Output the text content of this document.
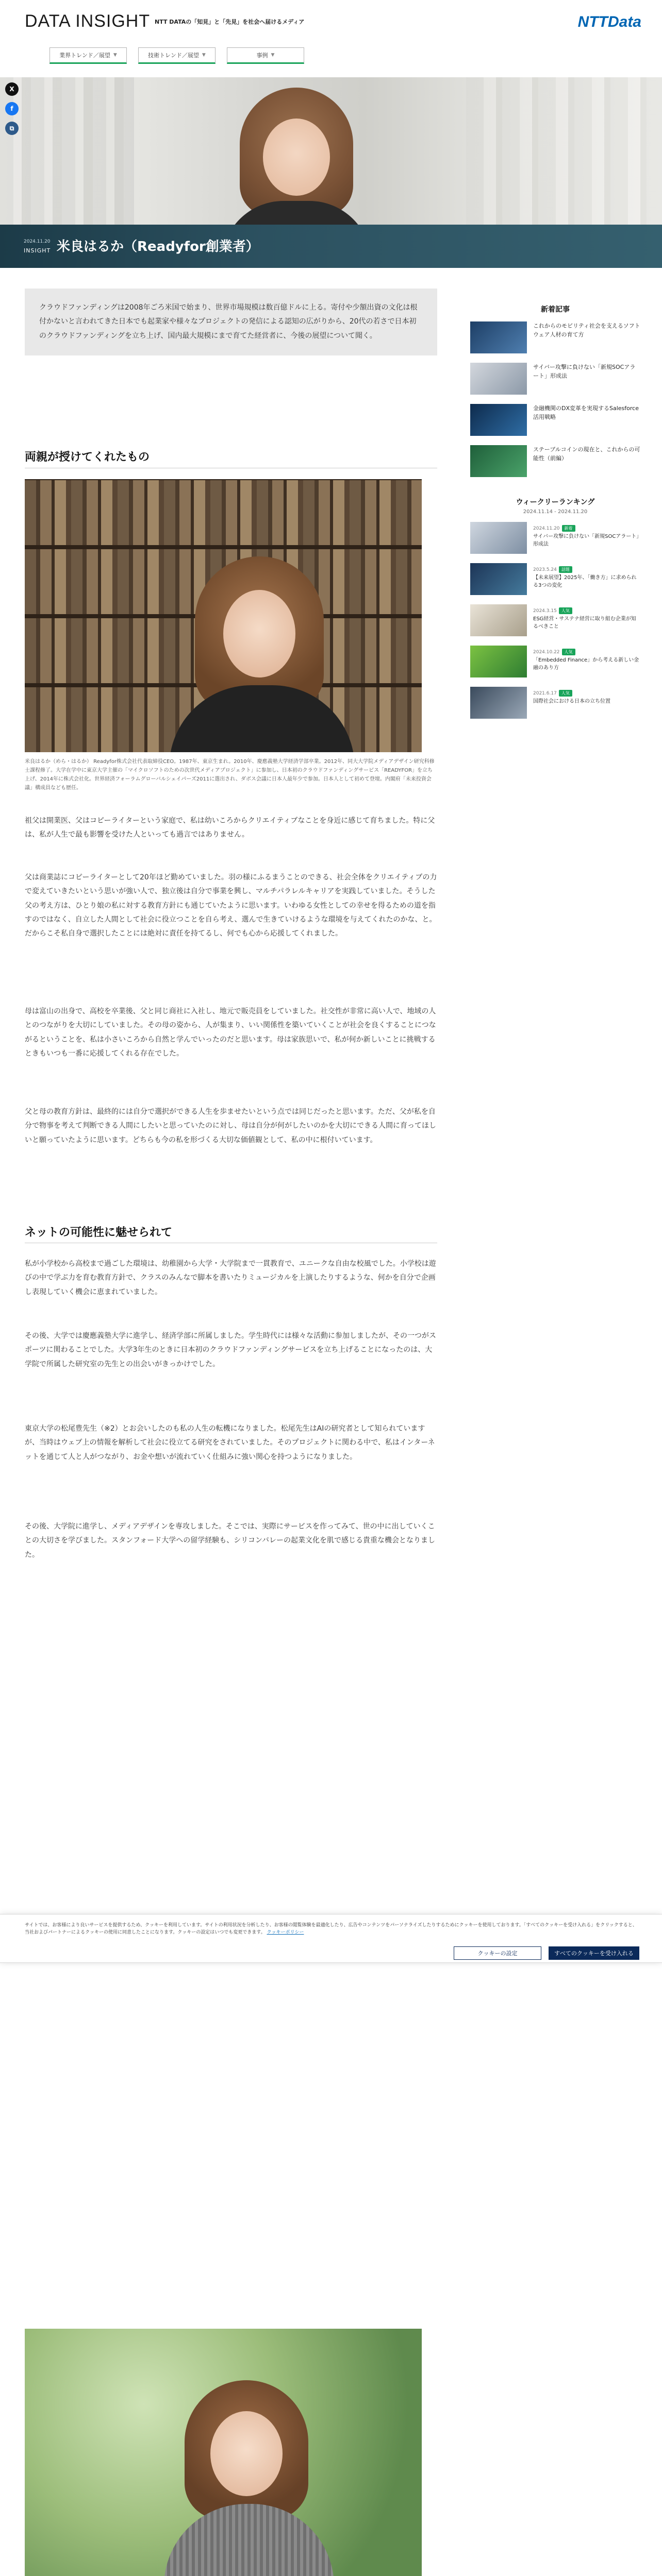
DATA INSIGHT NTT DATAの「知見」と「先見」を社会へ届けるメディア	NTTData
業界トレンド／展望 ▼	技術トレンド／展望 ▼	事例 ▼
X
f
⧉
2024.11.20
INSIGHT 米良はるか（Readyfor創業者）
クラウドファンディングは2008年ごろ米国で始まり、世界市場規模は数百億ドルに上る。寄付や少額出資の文化は根付かないと言われてきた日本でも起業家や様々なプロジェクトの発信による認知の広がりから、20代の若さで日本初のクラウドファンディングを立ち上げ、国内最大規模にまで育てた経営者に、今後の展望について聞く。
両親が授けてくれたもの
米良はるか（めら・はるか） Readyfor株式会社代表取締役CEO。1987年、東京生まれ。2010年、慶應義塾大学経済学部卒業。2012年、同大大学院メディアデザイン研究科修士課程修了。大学在学中に東京大学主催の「マイクロソフトのための次世代メディアプロジェクト」に参加し、日本初のクラウドファンディングサービス「READYFOR」を立ち上げ、2014年に株式会社化。世界経済フォーラムグローバルシェイパーズ2011に選出され、ダボス会議に日本人最年少で参加。日本人として初めて登壇。内閣府「未来投資会議」構成員なども歴任。
祖父は開業医、父はコピーライターという家庭で、私は幼いころからクリエイティブなことを身近に感じて育ちました。特に父は、私が人生で最も影響を受けた人といっても過言ではありません。
父は商業誌にコピーライターとして20年ほど勤めていました。羽の様にふるまうことのできる、社会全体をクリエイティブの力で変えていきたいという思いが強い人で、独立後は自分で事業を興し、マルチパラレルキャリアを実践していました。そうした父の考え方は、ひとり娘の私に対する教育方針にも通じていたように思います。いわゆる女性としての幸せを得るための道を指すのではなく、自立した人間として社会に役立つことを自ら考え、選んで生きていけるような環境を与えてくれたのかな、と。だからこそ私自身で選択したことには絶対に責任を持てるし、何でも心から応援してくれました。
母は富山の出身で、高校を卒業後、父と同じ商社に入社し、地元で販売員をしていました。社交性が非常に高い人で、地域の人とのつながりを大切にしていました。その母の姿から、人が集まり、いい関係性を築いていくことが社会を良くすることにつながるということを、私は小さいころから自然と学んでいったのだと思います。母は家族思いで、私が何か新しいことに挑戦するときもいつも一番に応援してくれる存在でした。
父と母の教育方針は、最終的には自分で選択ができる人生を歩ませたいという点では同じだったと思います。ただ、父が私を自分で物事を考えて判断できる人間にしたいと思っていたのに対し、母は自分が何がしたいのかを大切にできる人間に育ってほしいと願っていたように思います。どちらも今の私を形づくる大切な価値観として、私の中に根付いています。
ネットの可能性に魅せられて
私が小学校から高校まで過ごした環境は、幼稚園から大学・大学院まで一貫教育で、ユニークな自由な校風でした。小学校は遊びの中で学ぶ力を育む教育方針で、クラスのみんなで脚本を書いたりミュージカルを上演したりするような、何かを自分で企画し表現していく機会に恵まれていました。
その後、大学では慶應義塾大学に進学し、経済学部に所属しました。学生時代には様々な活動に参加しましたが、その一つがスポーツに関わることでした。大学3年生のときに日本初のクラウドファンディングサービスを立ち上げることになったのは、大学院で所属した研究室の先生との出会いがきっかけでした。
東京大学の松尾豊先生（※2）とお会いしたのも私の人生の転機になりました。松尾先生はAIの研究者として知られていますが、当時はウェブ上の情報を解析して社会に役立てる研究をされていました。そのプロジェクトに関わる中で、私はインターネットを通じて人と人がつながり、お金や想いが流れていく仕組みに強い関心を持つようになりました。
その後、大学院に進学し、メディアデザインを専攻しました。そこでは、実際にサービスを作ってみて、世の中に出していくことの大切さを学びました。スタンフォード大学への留学経験も、シリコンバレーの起業文化を肌で感じる貴重な機会となりました。
新着記事
これからのモビリティ社会を支えるソフトウェア人材の育て方
サイバー攻撃に負けない「新規SOCアラート」形成法
金融機関のDX変革を実現するSalesforce活用戦略
ステーブルコインの現在と、これからの可能性（前編）
ウィークリーランキング
2024.11.14 - 2024.11.20
2024.11.20 新着
サイバー攻撃に負けない「新規SOCアラート」形成法
2023.5.24 話題
【未来展望】2025年、「働き方」に求められる3つの変化
2024.3.15 人気
ESG経営・サステナ経営に取り組む企業が知るべきこと
2024.10.22 人気
「Embedded Finance」から考える新しい金融のあり方
2021.6.17 人気
国際社会における日本の立ち位置
サイトでは、お客様により良いサービスを提供するため、クッキーを利用しています。サイトの利用状況を分析したり、お客様の閲覧体験を最適化したり、広告やコンテンツをパーソナライズしたりするためにクッキーを使用しております。「すべてのクッキーを受け入れる」をクリックすると、当社およびパートナーによるクッキーの使用に同意したことになります。クッキーの設定はいつでも変更できます。 クッキーポリシー
クッキーの設定	すべてのクッキーを受け入れる
